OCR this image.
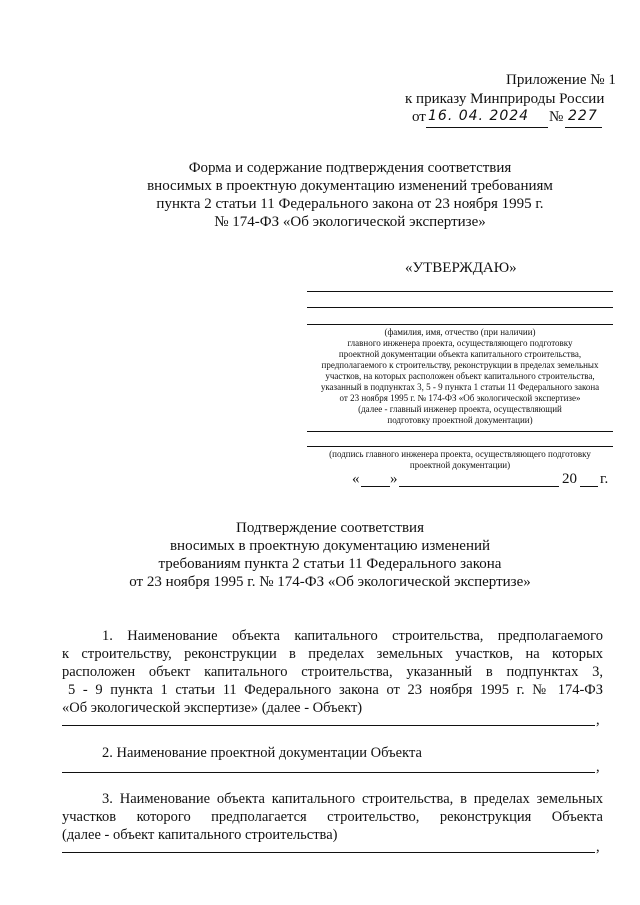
Приложение № 1
к приказу Минприроды России
от 16. 04. 2024 № 227
Форма и содержание подтверждения соответствия
вносимых в проектную документацию изменений требованиям
пункта 2 статьи 11 Федерального закона от 23 ноября 1995 г.
№ 174-ФЗ «Об экологической экспертизе»
«УТВЕРЖДАЮ»
(фамилия, имя, отчество (при наличии)
главного инженера проекта, осуществляющего подготовку
проектной документации объекта капитального строительства,
предполагаемого к строительству, реконструкции в пределах земельных
участков, на которых расположен объект капитального строительства,
указанный в подпунктах 3, 5 - 9 пункта 1 статьи 11 Федерального закона
от 23 ноября 1995 г. № 174-ФЗ «Об экологической экспертизе»
(далее - главный инженер проекта, осуществляющий
подготовку проектной документации)
(подпись главного инженера проекта, осуществляющего подготовку
проектной документации)
« »	20 г.
Подтверждение соответствия
вносимых в проектную документацию изменений
требованиям пункта 2 статьи 11 Федерального закона
от 23 ноября 1995 г. № 174-ФЗ «Об экологической экспертизе»
1. Наименование объекта капитального строительства, предполагаемого
к строительству, реконструкции в пределах земельных участков, на которых
расположен объект капитального строительства, указанный в подпунктах 3,
5 - 9 пункта 1 статьи 11 Федерального закона от 23 ноября 1995 г. № 174-ФЗ
«Об экологической экспертизе» (далее - Объект)
,
2. Наименование проектной документации Объекта
,
3. Наименование объекта капитального строительства, в пределах земельных
участков которого предполагается строительство, реконструкция Объекта
(далее - объект капитального строительства)
,
